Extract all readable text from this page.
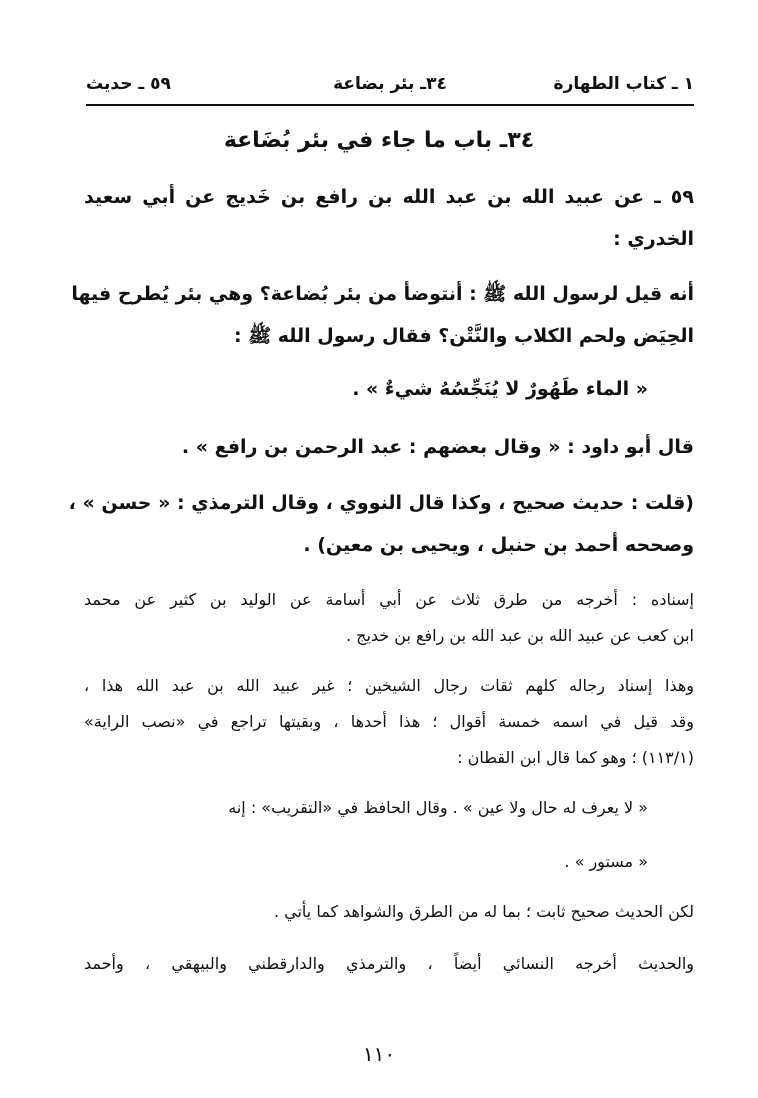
١ ـ كتاب الطهارة
٣٤ـ بئر بضاعة
٥٩ ـ حديث
٣٤ـ باب ما جاء في بئر بُضَاعة
٥٩ ـ عن عبيد الله بن عبد الله بن رافع بن خَديج عن أبي سعيد
الخدري :
أنه قيل لرسول الله ﷺ : أنتوضأ من بئر بُضاعة؟ وهي بئر يُطرح فيها
الحِيَض ولحم الكلاب والنَّتْن؟ فقال رسول الله ﷺ :
« الماء طَهُورٌ لا يُنَجِّسُهُ شيءٌ » .
قال أبو داود : « وقال بعضهم : عبد الرحمن بن رافع » .
(قلت : حديث صحيح ، وكذا قال النووي ، وقال الترمذي : « حسن » ،
وصححه أحمد بن حنبل ، ويحيى بن معين) .
إسناده : أخرجه من طرق ثلاث عن أبي أسامة عن الوليد بن كثير عن محمد
ابن كعب عن عبيد الله بن عبد الله بن رافع بن خديج .
وهذا إسناد رجاله كلهم ثقات رجال الشيخين ؛ غير عبيد الله بن عبد الله هذا ،
وقد قيل في اسمه خمسة أقوال ؛ هذا أحدها ، وبقيتها تراجع في «نصب الراية»
(١١٣/١) ؛ وهو كما قال ابن القطان :
« لا يعرف له حال ولا عين » . وقال الحافظ في «التقريب» : إنه
« مستور » .
لكن الحديث صحيح ثابت ؛ بما له من الطرق والشواهد كما يأتي .
والحديث أخرجه النسائي أيضاً ، والترمذي والدارقطني والبيهقي ، وأحمد
١١٠
